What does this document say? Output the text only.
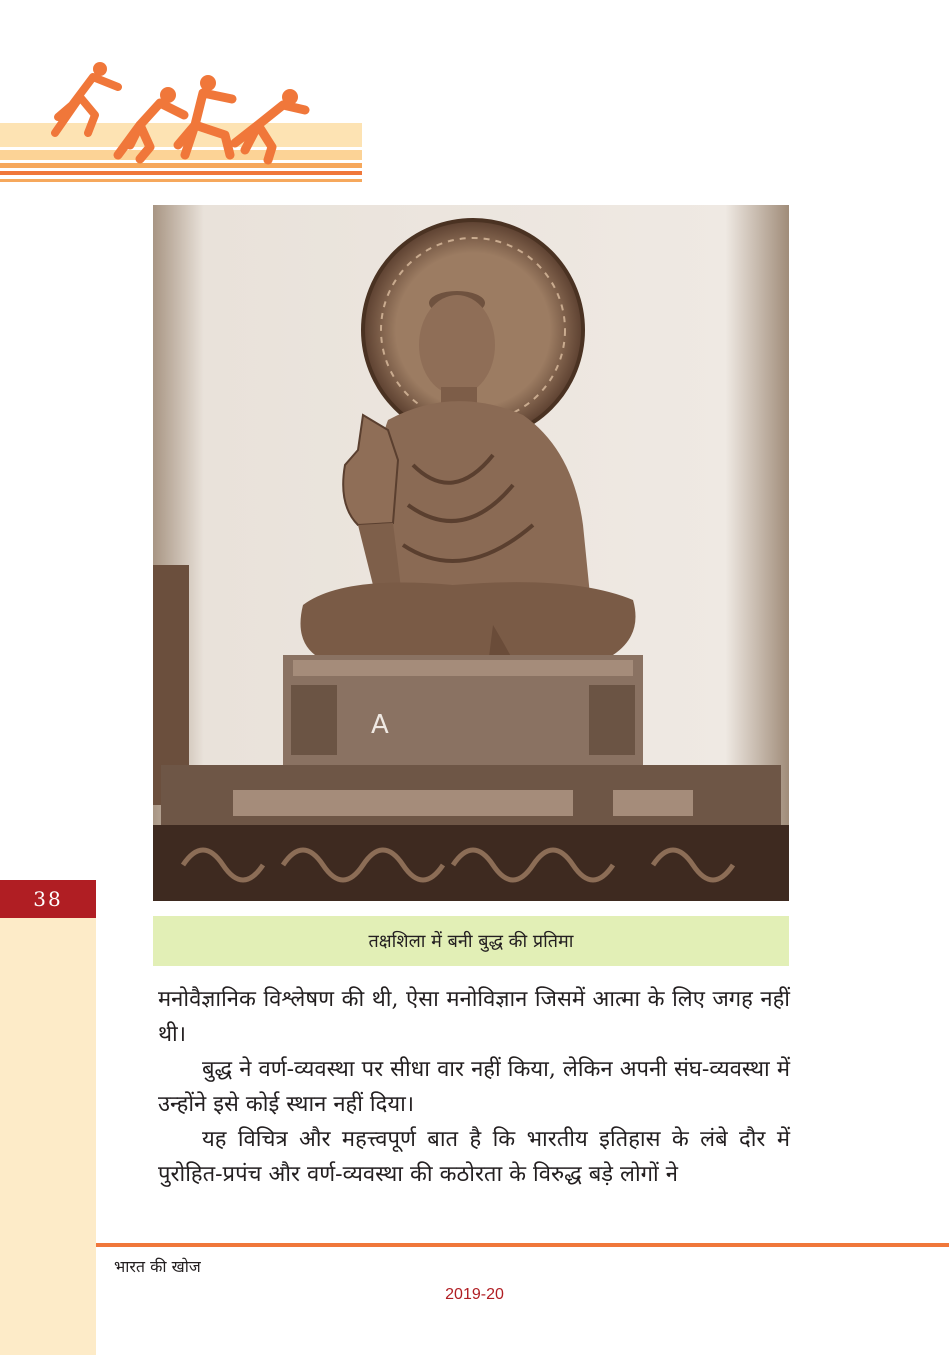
A
38
तक्षशिला में बनी बुद्ध की प्रतिमा

मनोवैज्ञानिक विश्लेषण की थी, ऐसा मनोविज्ञान जिसमें आत्मा के लिए जगह नहीं थी।

बुद्ध ने वर्ण-व्यवस्था पर सीधा वार नहीं किया, लेकिन अपनी संघ-व्यवस्था में उन्होंने इसे कोई स्थान नहीं दिया।

यह विचित्र और महत्त्वपूर्ण बात है कि भारतीय इतिहास के लंबे दौर में पुरोहित-प्रपंच और वर्ण-व्यवस्था की कठोरता के विरुद्ध बड़े लोगों ने

भारत की खोज
2019-20
